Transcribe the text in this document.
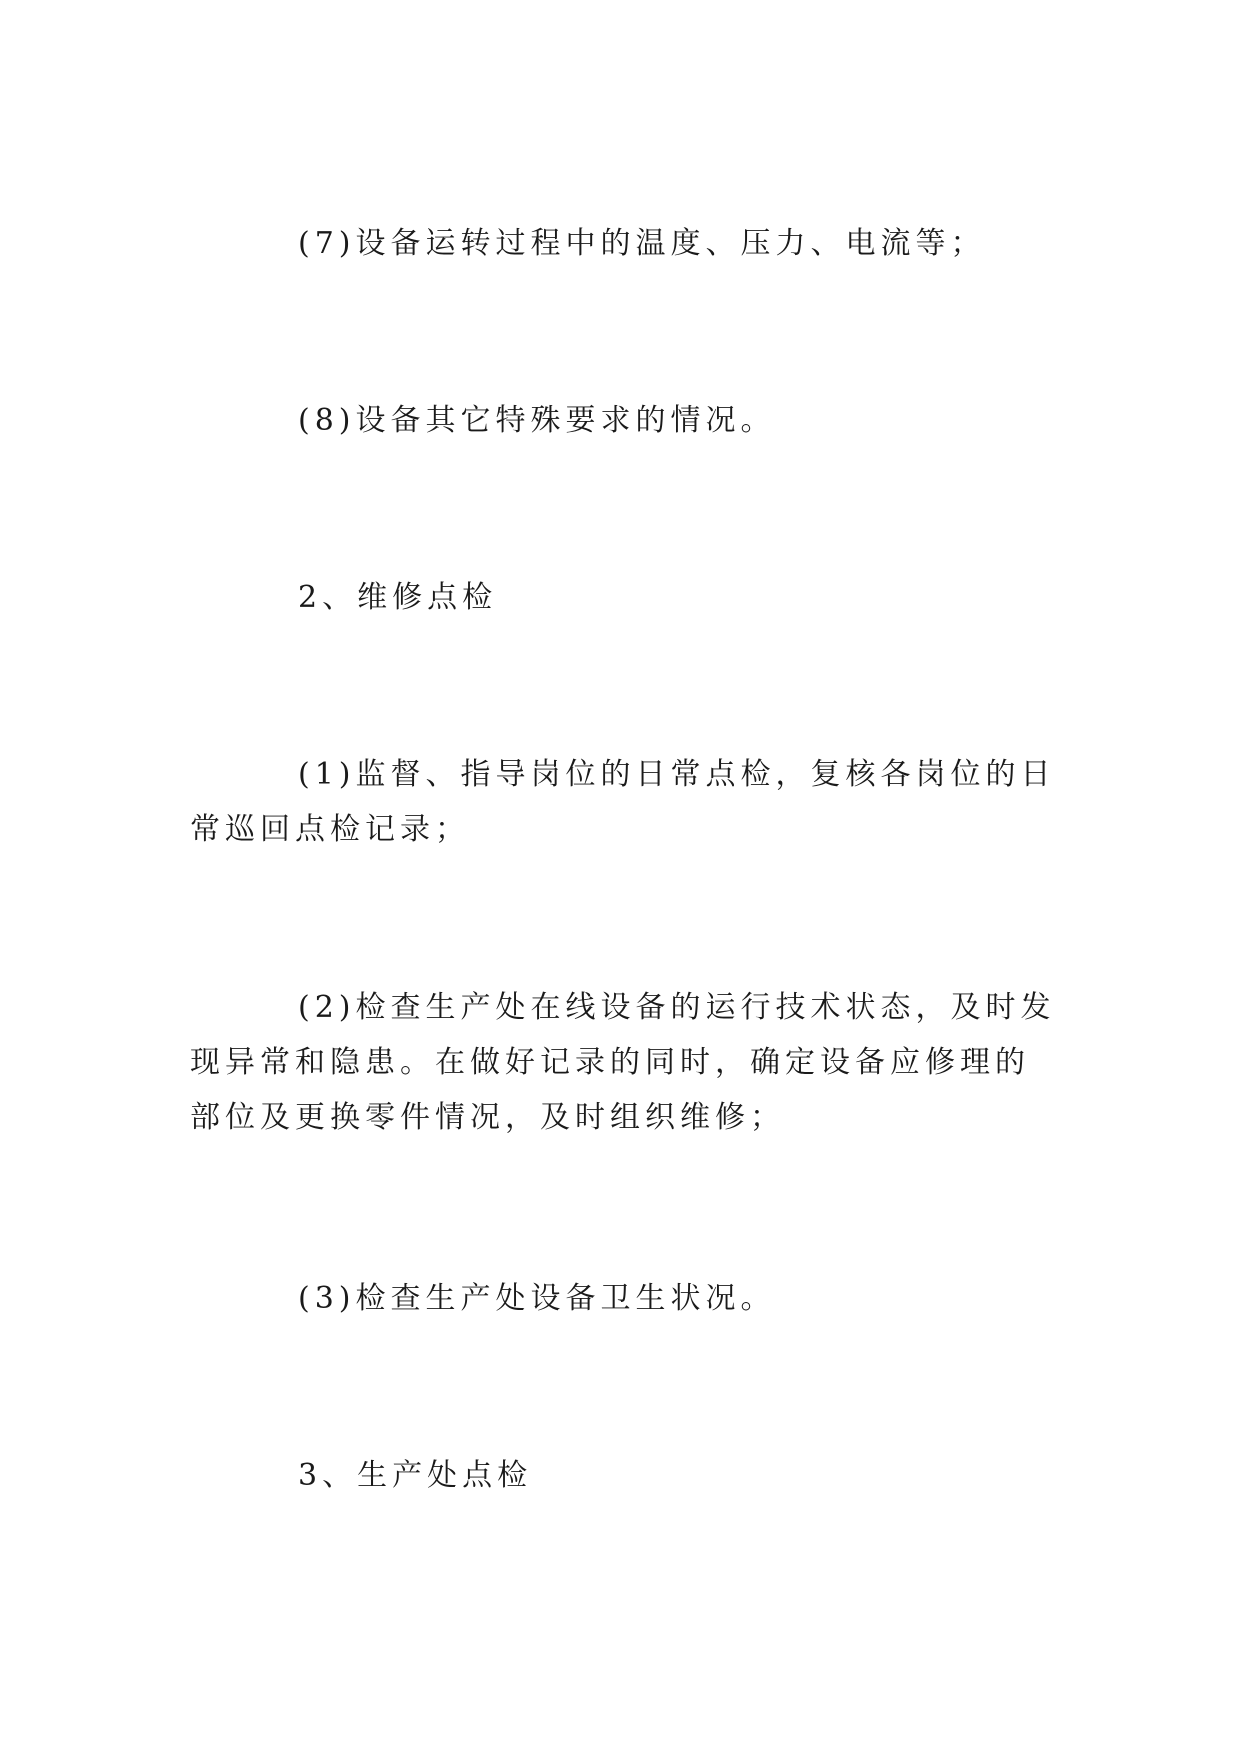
(7)设备运转过程中的温度、压力、电流等；

(8)设备其它特殊要求的情况。

2、维修点检

(1)监督、指导岗位的日常点检，复核各岗位的日常巡回点检记录；

(2)检查生产处在线设备的运行技术状态，及时发现异常和隐患。在做好记录的同时，确定设备应修理的部位及更换零件情况，及时组织维修；

(3)检查生产处设备卫生状况。

3、生产处点检
